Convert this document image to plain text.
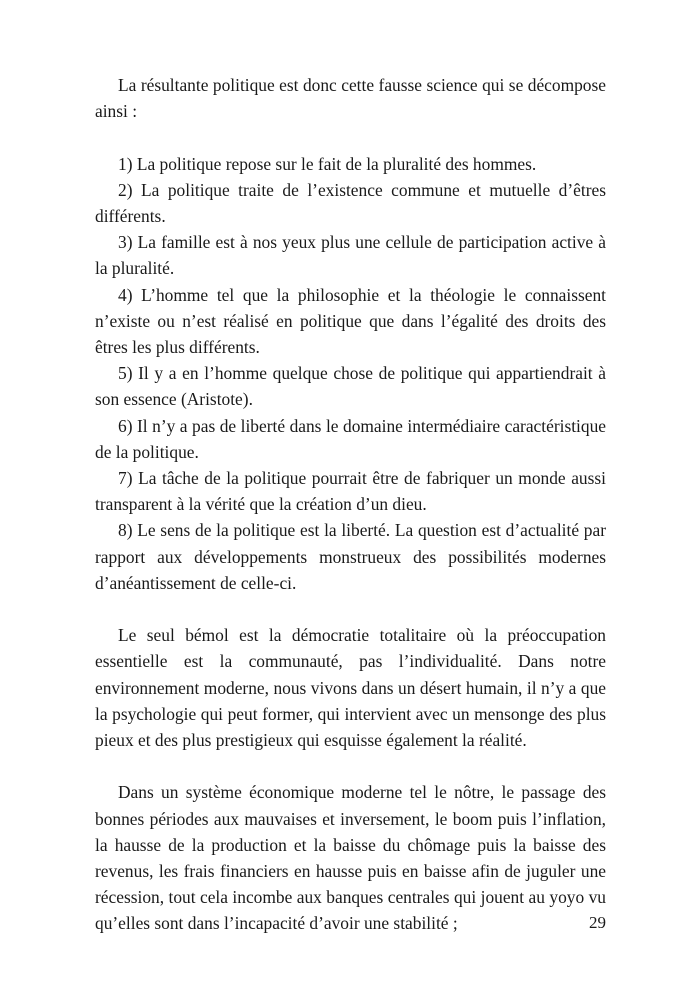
La résultante politique est donc cette fausse science qui se décompose ainsi :

1) La politique repose sur le fait de la pluralité des hommes.

2) La politique traite de l’existence commune et mutuelle d’êtres différents.

3) La famille est à nos yeux plus une cellule de participation active à la pluralité.

4) L’homme tel que la philosophie et la théologie le connaissent n’existe ou n’est réalisé en politique que dans l’égalité des droits des êtres les plus différents.

5) Il y a en l’homme quelque chose de politique qui appartiendrait à son essence (Aristote).

6) Il n’y a pas de liberté dans le domaine intermédiaire caractéristique de la politique.

7) La tâche de la politique pourrait être de fabriquer un monde aussi transparent à la vérité que la création d’un dieu.

8) Le sens de la politique est la liberté. La question est d’actualité par rapport aux développements monstrueux des possibilités modernes d’anéantissement de celle-ci.

Le seul bémol est la démocratie totalitaire où la préoccupation essentielle est la communauté, pas l’individualité. Dans notre environnement moderne, nous vivons dans un désert humain, il n’y a que la psychologie qui peut former, qui intervient avec un mensonge des plus pieux et des plus prestigieux qui esquisse également la réalité.

Dans un système économique moderne tel le nôtre, le passage des bonnes périodes aux mauvaises et inversement, le boom puis l’inflation, la hausse de la production et la baisse du chômage puis la baisse des revenus, les frais financiers en hausse puis en baisse afin de juguler une récession, tout cela incombe aux banques centrales qui jouent au yoyo vu qu’elles sont dans l’incapacité d’avoir une stabilité ;	29
